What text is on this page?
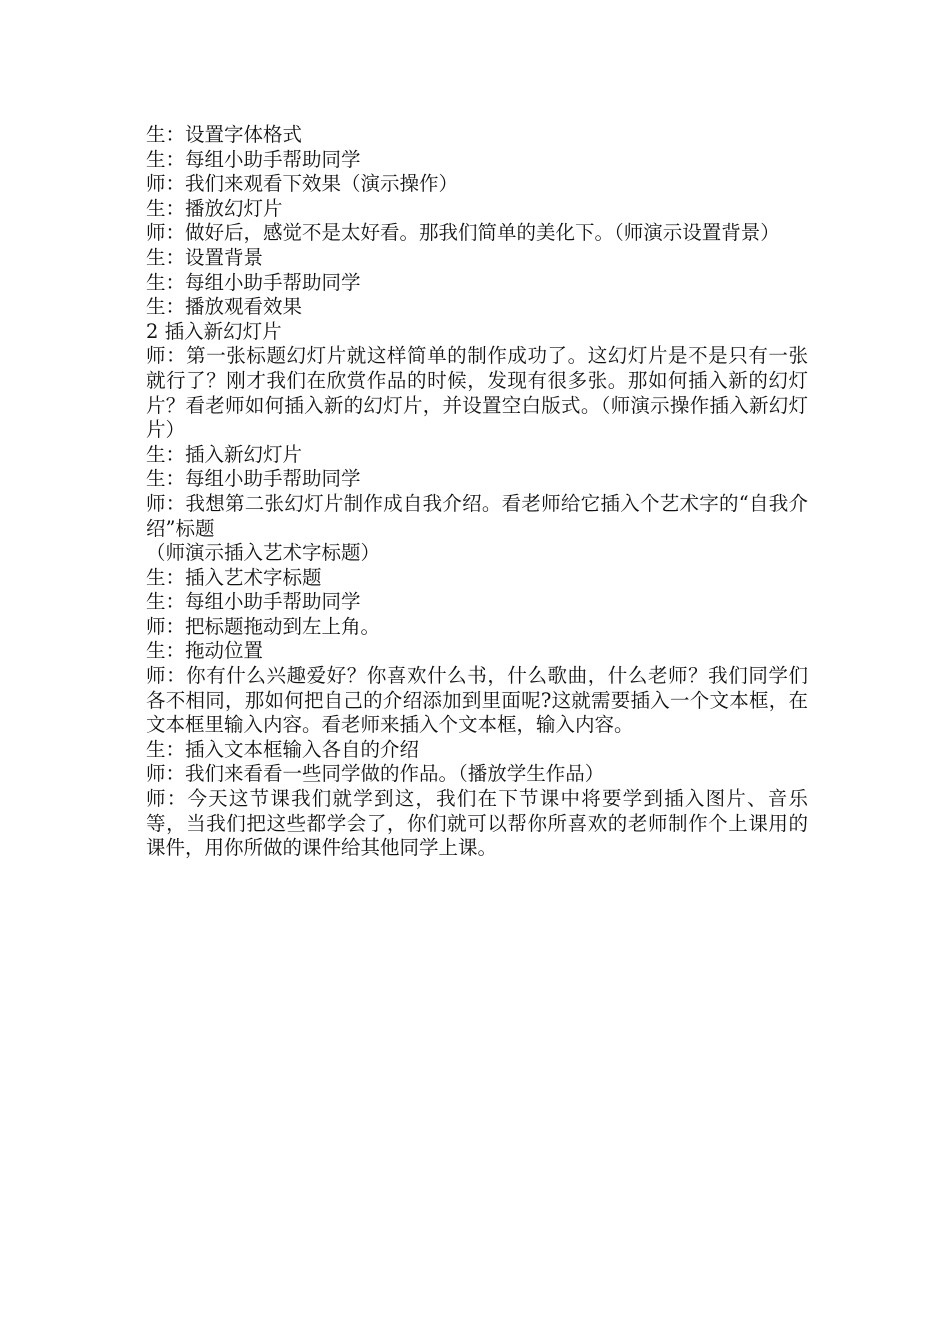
生：设置字体格式

生：每组小助手帮助同学

师：我们来观看下效果（演示操作）

生：播放幻灯片

师：做好后，感觉不是太好看。那我们简单的美化下。（师演示设置背景）

生：设置背景

生：每组小助手帮助同学

生：播放观看效果

2 插入新幻灯片

师：第一张标题幻灯片就这样简单的制作成功了。这幻灯片是不是只有一张就行了？刚才我们在欣赏作品的时候，发现有很多张。那如何插入新的幻灯片？看老师如何插入新的幻灯片，并设置空白版式。（师演示操作插入新幻灯片）

生：插入新幻灯片

生：每组小助手帮助同学

师：我想第二张幻灯片制作成自我介绍。看老师给它插入个艺术字的“自我介绍”标题

（师演示插入艺术字标题）

生：插入艺术字标题

生：每组小助手帮助同学

师：把标题拖动到左上角。

生：拖动位置

师：你有什么兴趣爱好？你喜欢什么书，什么歌曲，什么老师？我们同学们各不相同，那如何把自己的介绍添加到里面呢?这就需要插入一个文本框，在文本框里输入内容。看老师来插入个文本框，输入内容。

生：插入文本框输入各自的介绍

师：我们来看看一些同学做的作品。（播放学生作品）

师：今天这节课我们就学到这，我们在下节课中将要学到插入图片、音乐等，当我们把这些都学会了，你们就可以帮你所喜欢的老师制作个上课用的课件，用你所做的课件给其他同学上课。
